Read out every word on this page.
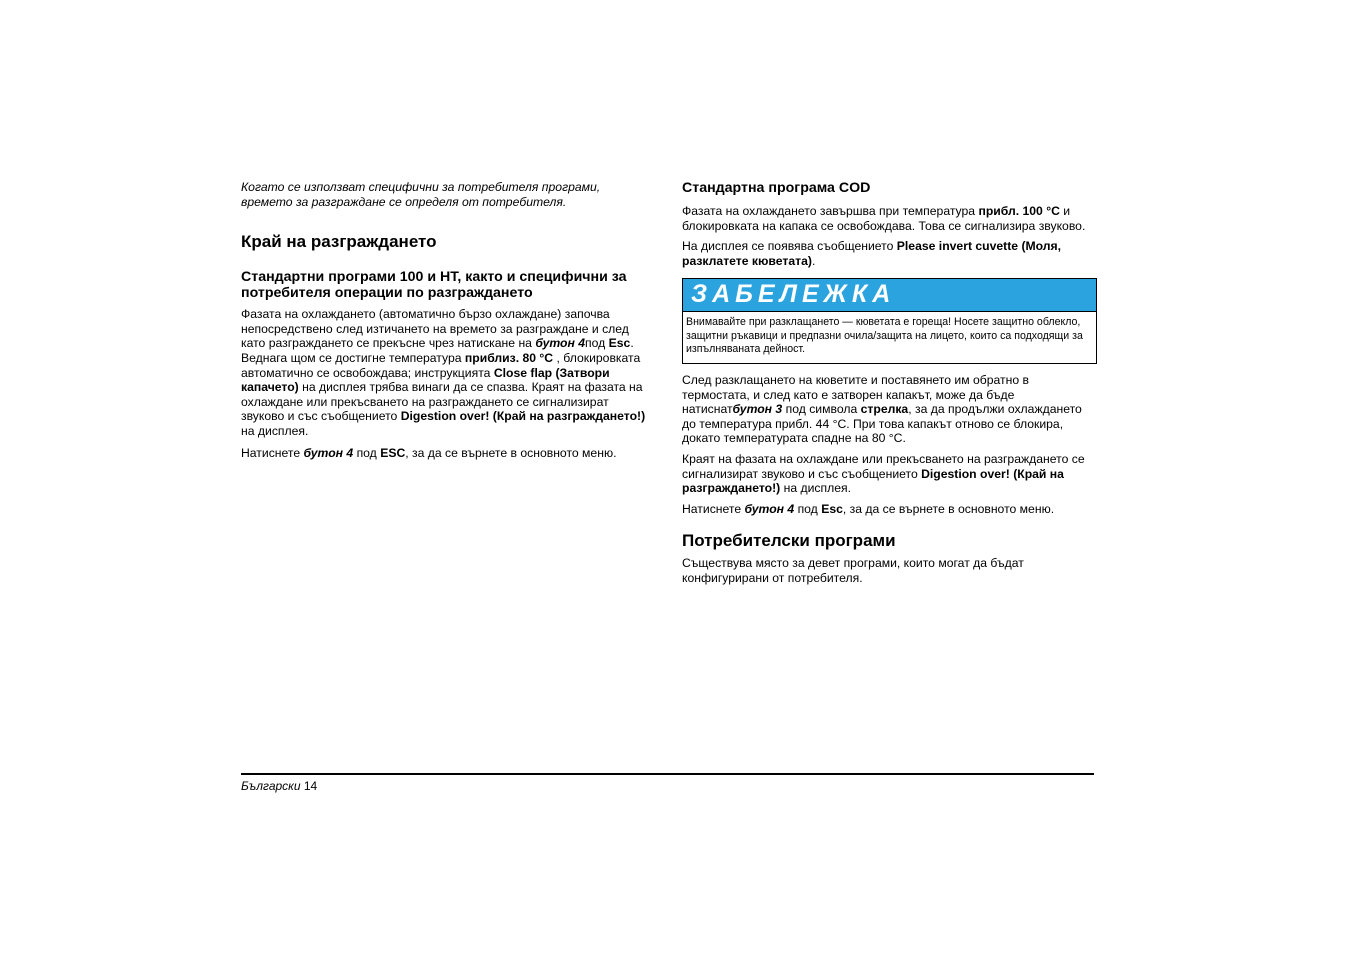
Когато се използват специфични за потребителя програми, времето за разграждане се определя от потребителя.

Край на разграждането
Стандартни програми 100 и HT, както и специфични за потребителя операции по разграждането

Фазата на охлаждането (автоматично бързо охлаждане) започва непосредствено след изтичането на времето за разграждане и след като разграждането се прекъсне чрез натискане на бутон 4под Esc. Веднага щом се достигне температура приблиз. 80 °C , блокировката автоматично се освобождава; инструкцията Close flap (Затвори капачето) на дисплея трябва винаги да се спазва. Краят на фазата на охлаждане или прекъсването на разграждането се сигнализират звуково и със съобщението Digestion over! (Край на разграждането!) на дисплея.

Натиснете бутон 4 под ESC, за да се върнете в основното меню.

Стандартна програма COD

Фазата на охлаждането завършва при температура прибл. 100 °C и блокировката на капака се освобождава. Това се сигнализира звуково.

На дисплея се появява съобщението Please invert cuvette (Моля, разклатете кюветата).

ЗАБЕЛЕЖКА
Внимавайте при разклащането — кюветата е гореща! Носете защитно облекло, защитни ръкавици и предпазни очила/защита на лицето, които са подходящи за изпълняваната дейност.

След разклащането на кюветите и поставянето им обратно в термостата, и след като е затворен капакът, може да бъде натиснатбутон 3 под символа стрелка, за да продължи охлаждането до температура прибл. 44 °C. При това капакът отново се блокира, докато температурата спадне на 80 °C.

Краят на фазата на охлаждане или прекъсването на разграждането се сигнализират звуково и със съобщението Digestion over! (Край на разграждането!) на дисплея.

Натиснете бутон 4 под Esc, за да се върнете в основното меню.

Потребителски програми

Съществува място за девет програми, които могат да бъдат конфигурирани от потребителя.

Български 14
